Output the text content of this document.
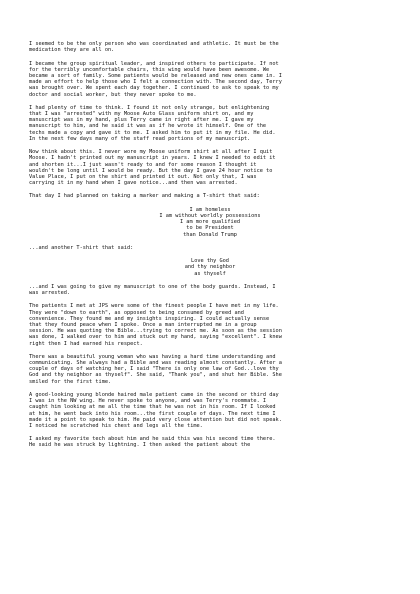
I seemed to be the only person who was coordinated and athletic. It must be the
medication they are all on.
I became the group spiritual leader, and inspired others to participate. If not
for the terribly uncomfortable chairs, this wing would have been awesome. We
became a sort of family. Some patients would be released and new ones came in. I
made an effort to help those who I felt a connection with. The second day, Terry
was brought over. We spent each day together. I continued to ask to speak to my
doctor and social worker, but they never spoke to me.
I had plenty of time to think. I found it not only strange, but enlightening
that I was "arrested" with my Moose Auto Glass uniform shirt on, and my
manuscript was in my hand, plus Terry came in right after me. I gave my
manuscript to him, and he said it was as if he wrote it himself. One of the
techs made a copy and gave it to me. I asked him to put it in my file. He did.
In the next few days many of the staff read portions of my manuscript.
Now think about this. I never wore my Moose uniform shirt at all after I quit
Moose. I hadn't printed out my manuscript in years. I knew I needed to edit it
and shorten it...I just wasn't ready to and for some reason I thought it
wouldn't be long until I would be ready. But the day I gave 24 hour notice to
Value Place, I put on the shirt and printed it out. Not only that, I was
carrying it in my hand when I gave notice...and then was arrested.
That day I had planned on taking a marker and making a T-shirt that said:
I am homeless
I am without worldly possessions
I am more qualified
to be President
than Donald Trump
...and another T-shirt that said:
Love thy God
and thy neighbor
as thyself
...and I was going to give my manuscript to one of the body guards. Instead, I
was arrested.
The patients I met at JPS were some of the finest people I have met in my life.
They were "down to earth", as opposed to being consumed by greed and
convenience. They found me and my insights inspiring. I could actually sense
that they found peace when I spoke. Once a man interrupted me in a group
session. He was quoting the Bible...trying to correct me. As soon as the session
was done, I walked over to him and stuck out my hand, saying "excellent". I knew
right then I had earned his respect.
There was a beautiful young woman who was having a hard time understanding and
communicating. She always had a Bible and was reading almost constantly. After a
couple of days of watching her, I said "There is only one law of God...love thy
God and thy neighbor as thyself". She said, "Thank you", and shut her Bible. She
smiled for the first time.
A good-looking young blonde haired male patient came in the second or third day
I was in the NW wing. He never spoke to anyone, and was Terry's roommate. I
caught him looking at me all the time that he was not in his room. If I looked
at him, he went back into his room...the first couple of days. The next time I
made it a point to speak to him. He paid very close attention but did not speak.
I noticed he scratched his chest and legs all the time.
I asked my favorite tech about him and he said this was his second time there.
He said he was struck by lightning. I then asked the patient about the
